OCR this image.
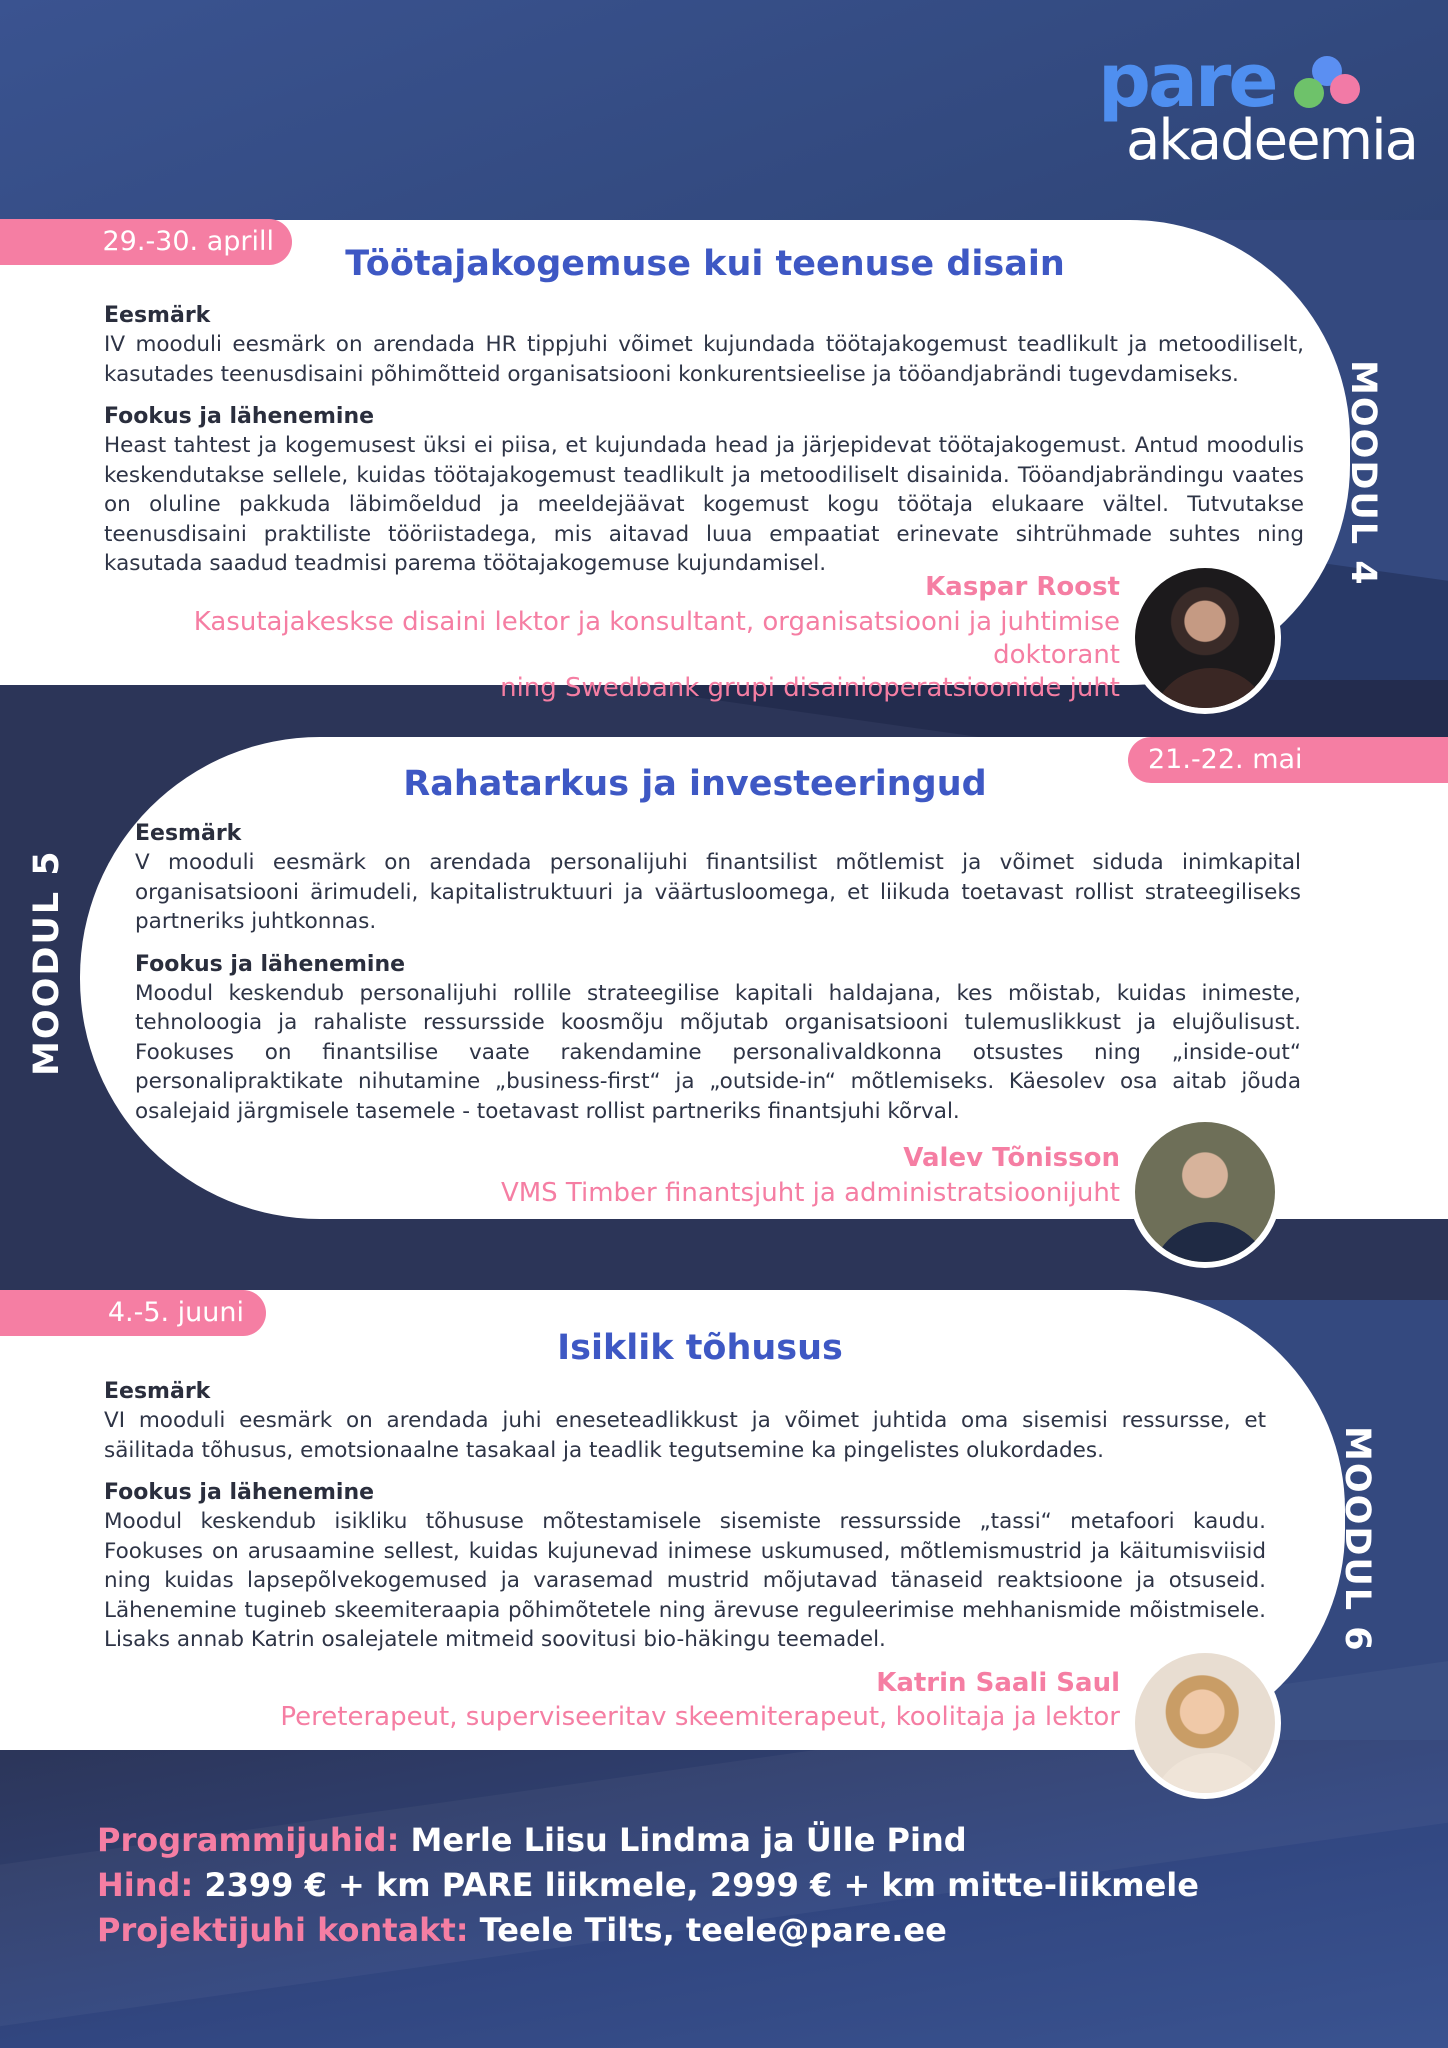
pare
akadeemia
29.-30. aprill
Töötajakogemuse kui teenuse disain
Eesmärk

IV mooduli eesmärk on arendada HR tippjuhi võimet kujundada töötajakogemust teadlikult ja metoodiliselt, kasutades teenusdisaini põhimõtteid organisatsiooni konkurentsieelise ja tööandjabrändi tugevdamiseks.

Fookus ja lähenemine

Heast tahtest ja kogemusest üksi ei piisa, et kujundada head ja järjepidevat töötajakogemust. Antud moodulis keskendutakse sellele, kuidas töötajakogemust teadlikult ja metoodiliselt disainida. Tööandjabrändingu vaates on oluline pakkuda läbimõeldud ja meeldejäävat kogemust kogu töötaja elukaare vältel. Tutvutakse teenusdisaini praktiliste tööriistadega, mis aitavad luua empaatiat erinevate sihtrühmade suhtes ning kasutada saadud teadmisi parema töötajakogemuse kujundamisel.

Kaspar Roost
Kasutajakeskse disaini lektor ja konsultant, organisatsiooni ja juhtimise doktorant
ning Swedbank grupi disainioperatsioonide juht
MOODUL 4
21.-22. mai
Rahatarkus ja investeeringud
Eesmärk

V mooduli eesmärk on arendada personalijuhi finantsilist mõtlemist ja võimet siduda inimkapital organisatsiooni ärimudeli, kapitalistruktuuri ja väärtusloomega, et liikuda toetavast rollist strateegiliseks partneriks juhtkonnas.

Fookus ja lähenemine

Moodul keskendub personalijuhi rollile strateegilise kapitali haldajana, kes mõistab, kuidas inimeste, tehnoloogia ja rahaliste ressursside koosmõju mõjutab organisatsiooni tulemuslikkust ja elujõulisust. Fookuses on finantsilise vaate rakendamine personalivaldkonna otsustes ning „inside-out“ personalipraktikate nihutamine „business-first“ ja „outside-in“ mõtlemiseks. Käesolev osa aitab jõuda osalejaid järgmisele tasemele - toetavast rollist partneriks finantsjuhi kõrval.

Valev Tõnisson
VMS Timber finantsjuht ja administratsioonijuht
MOODUL 5
4.-5. juuni
Isiklik tõhusus
Eesmärk

VI mooduli eesmärk on arendada juhi eneseteadlikkust ja võimet juhtida oma sisemisi ressursse, et säilitada tõhusus, emotsionaalne tasakaal ja teadlik tegutsemine ka pingelistes olukordades.

Fookus ja lähenemine

Moodul keskendub isikliku tõhususe mõtestamisele sisemiste ressursside „tassi“ metafoori kaudu. Fookuses on arusaamine sellest, kuidas kujunevad inimese uskumused, mõtlemismustrid ja käitumisviisid ning kuidas lapsepõlvekogemused ja varasemad mustrid mõjutavad tänaseid reaktsioone ja otsuseid. Lähenemine tugineb skeemiteraapia põhimõtetele ning ärevuse reguleerimise mehhanismide mõistmisele. Lisaks annab Katrin osalejatele mitmeid soovitusi bio-häkingu teemadel.

Katrin Saali Saul
Pereterapeut, superviseeritav skeemiterapeut, koolitaja ja lektor
MOODUL 6
Programmijuhid: Merle Liisu Lindma ja Ülle Pind
Hind: 2399 € + km PARE liikmele, 2999 € + km mitte-liikmele
Projektijuhi kontakt: Teele Tilts, teele@pare.ee
